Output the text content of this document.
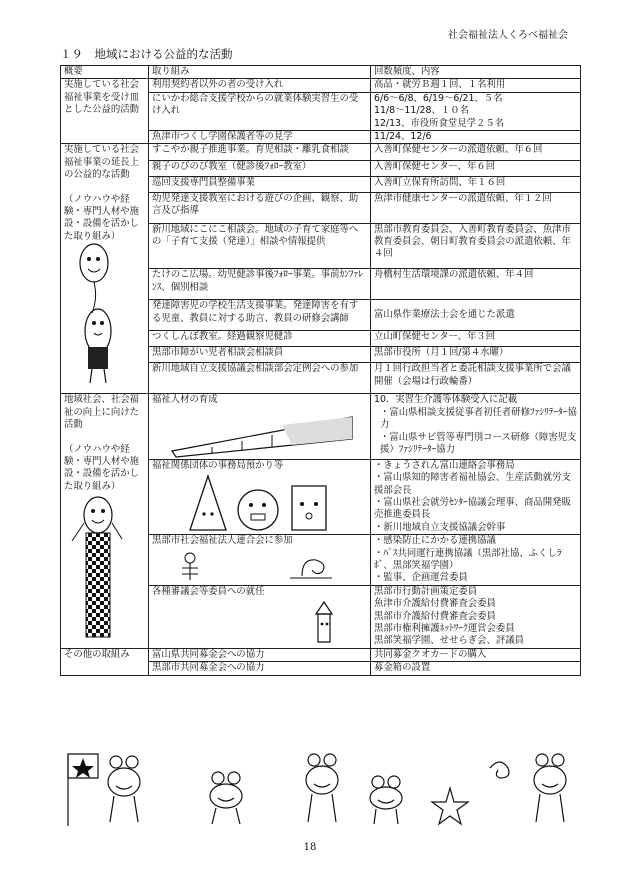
社会福祉法人くろべ福祉会
１９　地域における公益的な活動
概要	取り組み	回数頻度、内容
実施している社会福祉事業を受け皿とした公益的活動	利用契約者以外の者の受け入れ	高品・就労Ｂ週１回、１名利用
	にいかわ総合支援学校からの就業体験実習生の受け入れ	6/6～6/8、6/19～6/21、５名
11/8～11/28、１０名
12/13、市役所食堂見学２５名
	魚津市つくし学園保護者等の見学	11/24、12/6

実施している社会福祉事業の延長上の公益的な活動
（ノウハウや経験・専門人材や施設・設備を活かした取り組み）	すこやか親子推進事業。育児相談・離乳食相談	入善町保健センターの派遣依頼、年６回
	親子のびのび教室（健診後ﾌｫﾛｰ教室）	入善町保健センター、年６回
	巡回支援専門員整備事業	入善町立保育所訪問、年１６回
	幼児発達支援教室における遊びの企画、観察、助言及び指導	魚津市健康センターの派遣依頼、年１２回
	新川地域にこにこ相談会。地域の子育て家庭等への「子育て支援（発達）」相談や情報提供	黒部市教育委員会、入善町教育委員会、魚津市教育委員会、朝日町教育委員会の派遣依頼、年４回
	たけのこ広場。幼児健診事後ﾌｫﾛｰ事業。事前ｶﾝﾌｧﾚﾝｽ、個別相談	舟橋村生活環境課の派遣依頼、年４回
	発達障害児の学校生活支援事業。発達障害を有する児童、教員に対する助言、教員の研修会講師	富山県作業療法士会を通じた派遣
	つくしんぼ教室。経過観察児健診	立山町保健センター、年３回
	黒部市障がい児者相談会相談員	黒部市役所（月１回/第４水曜）
	新川地域自立支援協議会相談部会定例会への参加	月１回行政担当者と委託相談支援事業所で会議開催（会場は行政輪番）

地域社会、社会福祉の向上に向けた活動
（ノウハウや経験・専門人材や施設・設備を活かした取り組み）	福祉人材の育成	10．実習生介護等体験受入に記載
・富山県相談支援従事者初任者研修ﾌｧｼﾘﾃｰﾀｰ協力
・富山県サビ管等専門別コース研修（障害児支援）ﾌｧｼﾘﾃｰﾀｰ協力

	福祉関係団体の事務局預かり等	・きょうされん富山連絡会事務局
・富山県知的障害者福祉協会、生産活動就労支援部会長
・富山県社会就労ｾﾝﾀｰ協議会理事、商品開発販売推進委員長
・新川地域自立支援協議会幹事

	黒部市社会福祉法人連合会に参加	・感染防止にかかる連携協議
・ﾊﾞｽ共同運行連携協議（黒部社協、ふくしﾗﾎﾞ、黒部笑福学園）
・監事、企画運営委員

	各種審議会等委員への就任	黒部市行動計画策定委員
魚津市介護給付費審査会委員
黒部市介護給付費審査会委員
黒部市権利擁護ﾈｯﾄﾜｰｸ運営会委員
黒部笑福学園、せせらぎ会、評議員

その他の取組み	富山県共同募金会への協力	共同募金クオカードの購入
	黒部市共同募金会への協力	募金箱の設置
18
